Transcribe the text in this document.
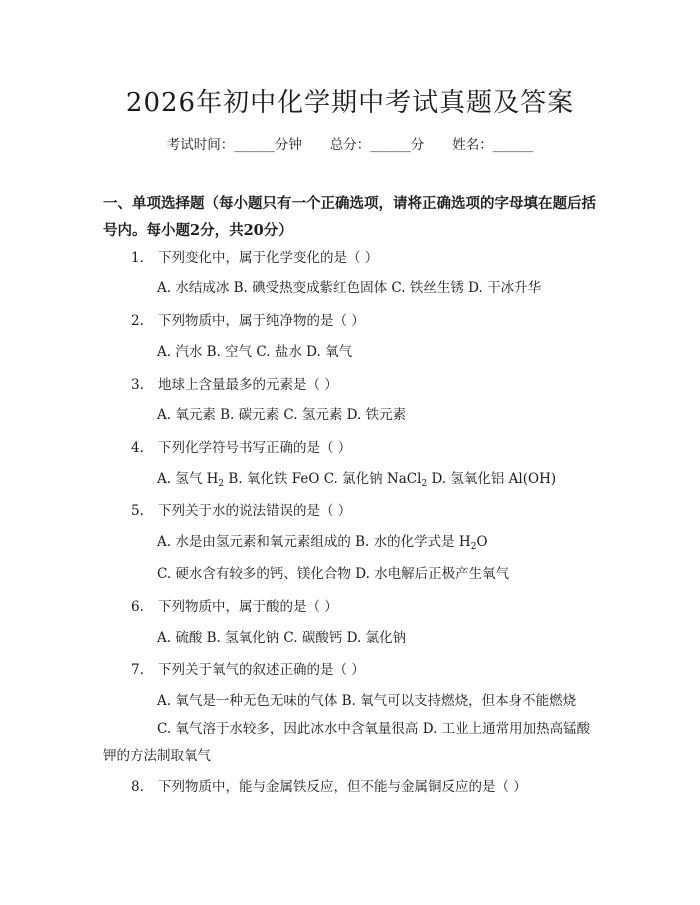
2026年初中化学期中考试真题及答案
考试时间：______分钟 总分：______分 姓名：______
一、单项选择题（每小题只有一个正确选项，请将正确选项的字母填在题后括号内。每小题2分，共20分）
1. 下列变化中，属于化学变化的是（ ）
A. 水结成冰 B. 碘受热变成紫红色固体 C. 铁丝生锈 D. 干冰升华
2. 下列物质中，属于纯净物的是（ ）
A. 汽水 B. 空气 C. 盐水 D. 氧气
3. 地球上含量最多的元素是（ ）
A. 氧元素 B. 碳元素 C. 氢元素 D. 铁元素
4. 下列化学符号书写正确的是（ ）
A. 氢气 $H_2$ B. 氧化铁 FeO C. 氯化钠 NaCl$_2$ D. 氢氧化铝 Al(OH)
5. 下列关于水的说法错误的是（ ）
A. 水是由氢元素和氧元素组成的 B. 水的化学式是 $H_2O$
C. 硬水含有较多的钙、镁化合物 D. 水电解后正极产生氧气
6. 下列物质中，属于酸的是（ ）
A. 硫酸 B. 氢氧化钠 C. 碳酸钙 D. 氯化钠
7. 下列关于氧气的叙述正确的是（ ）
A. 氧气是一种无色无味的气体 B. 氧气可以支持燃烧，但本身不能燃烧
C. 氧气溶于水较多，因此冰水中含氧量很高 D. 工业上通常用加热高锰酸钾的方法制取氧气
8. 下列物质中，能与金属铁反应，但不能与金属铜反应的是（ ）
